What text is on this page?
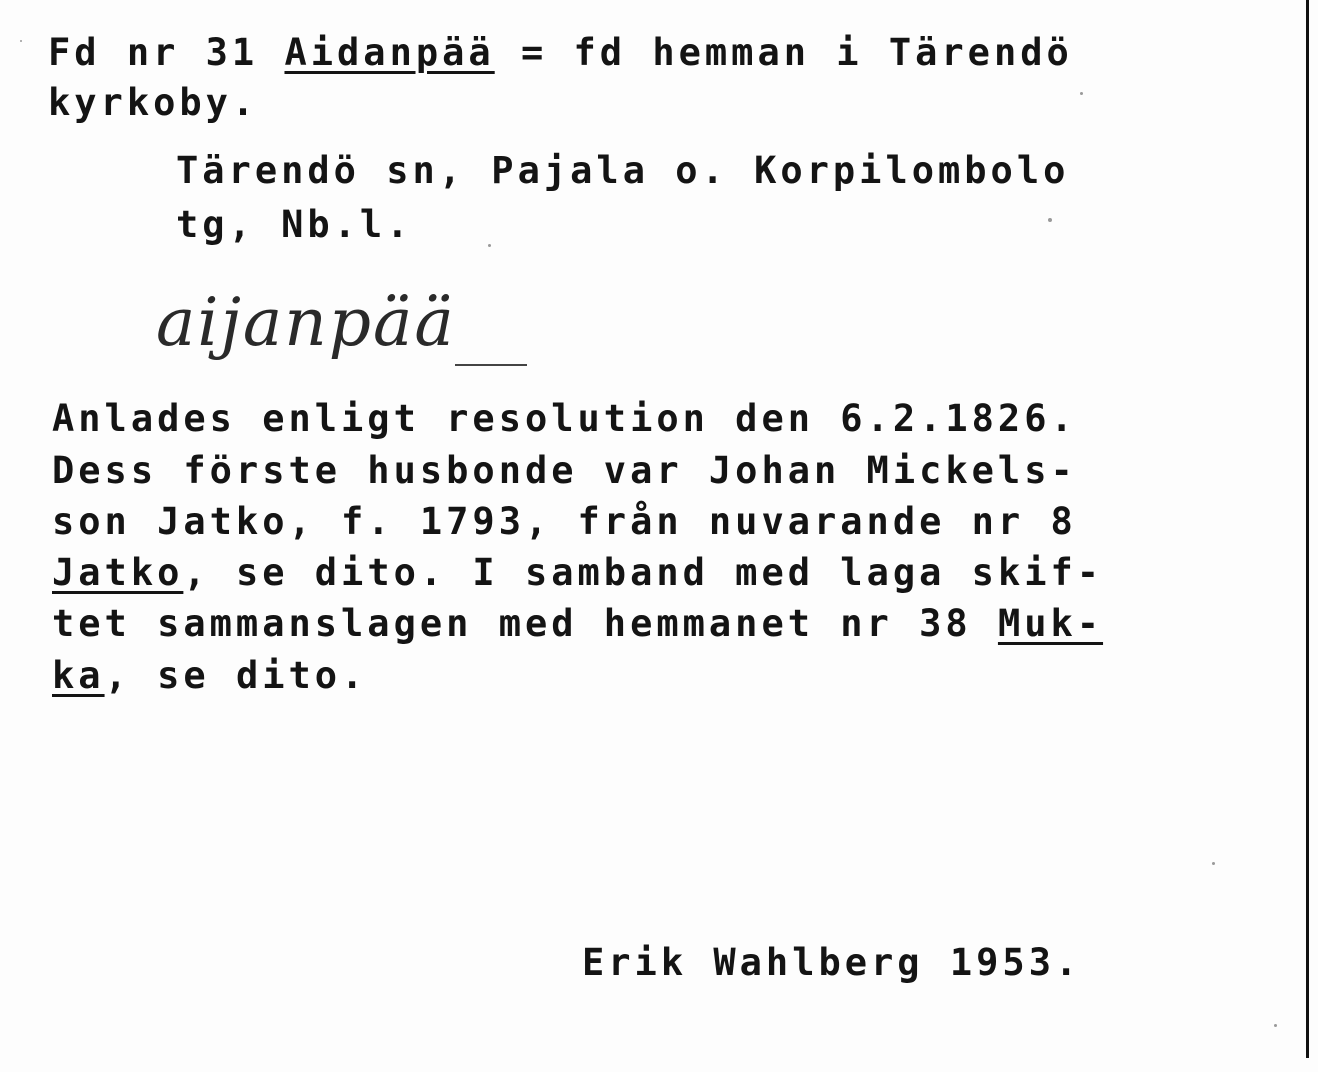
Fd nr 31 Aidanpää = fd hemman i Tärendö
kyrkoby.
Tärendö sn, Pajala o. Korpilombolo
tg, Nb.l.
aijanpää
Anlades enligt resolution den 6.2.1826.
Dess förste husbonde var Johan Mickels-
son Jatko, f. 1793, från nuvarande nr 8
Jatko, se dito. I samband med laga skif-
tet sammanslagen med hemmanet nr 38 Muk-
ka, se dito.
Erik Wahlberg 1953.
